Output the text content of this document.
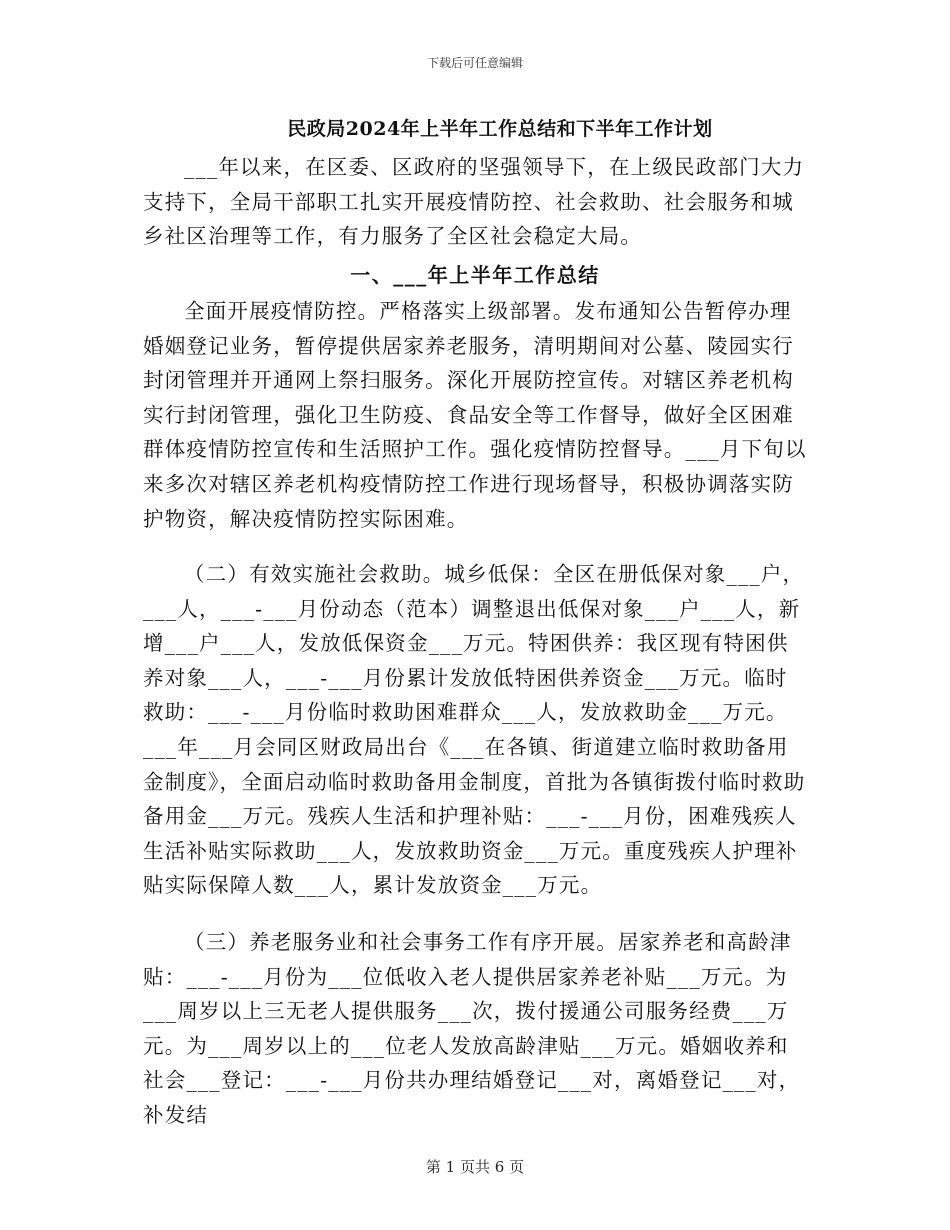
下载后可任意编辑
民政局2024年上半年工作总结和下半年工作计划

___年以来，在区委、区政府的坚强领导下，在上级民政部门大力支持下，全局干部职工扎实开展疫情防控、社会救助、社会服务和城乡社区治理等工作，有力服务了全区社会稳定大局。

一、___年上半年工作总结

全面开展疫情防控。严格落实上级部署。发布通知公告暂停办理婚姻登记业务，暂停提供居家养老服务，清明期间对公墓、陵园实行封闭管理并开通网上祭扫服务。深化开展防控宣传。对辖区养老机构实行封闭管理，强化卫生防疫、食品安全等工作督导，做好全区困难群体疫情防控宣传和生活照护工作。强化疫情防控督导。___月下旬以来多次对辖区养老机构疫情防控工作进行现场督导，积极协调落实防护物资，解决疫情防控实际困难。

（二）有效实施社会救助。城乡低保：全区在册低保对象___户，___人，___-___月份动态（范本）调整退出低保对象___户___人，新增___户___人，发放低保资金___万元。特困供养：我区现有特困供养对象___人，___-___月份累计发放低特困供养资金___万元。临时救助：___-___月份临时救助困难群众___人，发放救助金___万元。___年___月会同区财政局出台《___在各镇、街道建立临时救助备用金制度》，全面启动临时救助备用金制度，首批为各镇街拨付临时救助备用金___万元。残疾人生活和护理补贴：___-___月份，困难残疾人生活补贴实际救助___人，发放救助资金___万元。重度残疾人护理补贴实际保障人数___人，累计发放资金___万元。

（三）养老服务业和社会事务工作有序开展。居家养老和高龄津贴：___-___月份为___位低收入老人提供居家养老补贴___万元。为___周岁以上三无老人提供服务___次，拨付援通公司服务经费___万元。为___周岁以上的___位老人发放高龄津贴___万元。婚姻收养和社会___登记：___-___月份共办理结婚登记___对，离婚登记___对，补发结

第 1 页共 6 页
